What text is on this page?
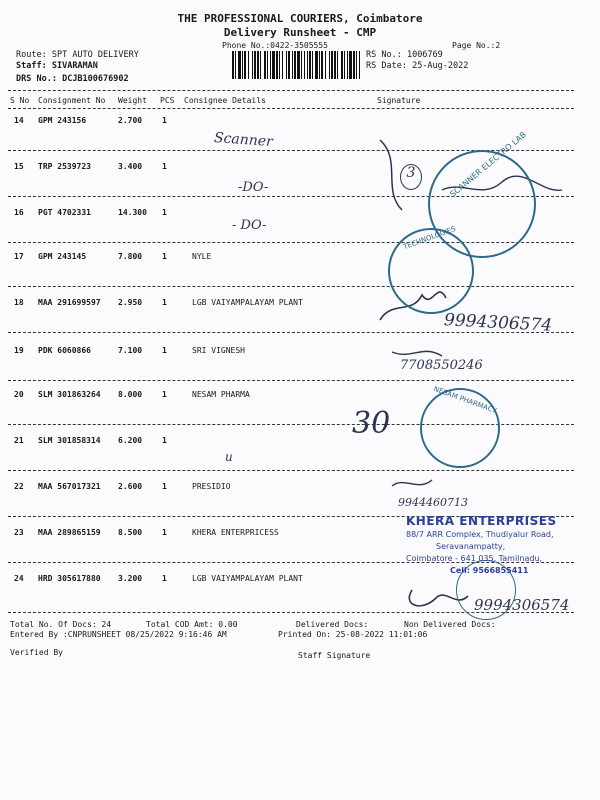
THE PROFESSIONAL COURIERS, Coimbatore
Delivery Runsheet - CMP
Phone No.:0422-3505555	Page No.:2
Route: SPT AUTO DELIVERY
Staff: SIVARAMAN
DRS No.: DCJB100676902
RS No.: 1006769
RS Date: 25-Aug-2022
S No Consignment No Weight PCS Consignee Details	Signature
14 GPM 243156	2.700 1
15 TRP 2539723	3.400 1
16 PGT 4702331	14.300 1
17 GPM 243145	7.800 1	NYLE
18 MAA 291699597 2.950 1	LGB VAIYAMPALAYAM PLANT
19 PDK 6060866	7.100 1	SRI VIGNESH
20 SLM 301863264 8.000 1	NESAM PHARMA
21 SLM 301858314 6.200 1
22 MAA 567017321 2.600 1	PRESIDIO
23 MAA 289865159 8.500 1	KHERA ENTERPRICESS
24 HRD 305617880 3.200 1	LGB VAIYAMPALAYAM PLANT
Scanner
-DO-
- DO-
3
9994306574
7708550246
30
u
9944460713
9994306574
SCANNER ELECTRO LAB
TECHNOLOGIES
NESAM PHARMACY
KHERA ENTERPRISES
88/7 ARR Complex, Thudiyalur Road,
Seravanampatty,
Coimbatore - 641 035. Tamilnadu,
Cell: 9566855411
Total No. Of Docs: 24	Total COD Amt: 0.00	Delivered Docs:	Non Delivered Docs:
Entered By :CNPRUNSHEET 08/25/2022 9:16:46 AM	Printed On: 25-08-2022 11:01:06
Verified By	Staff Signature
